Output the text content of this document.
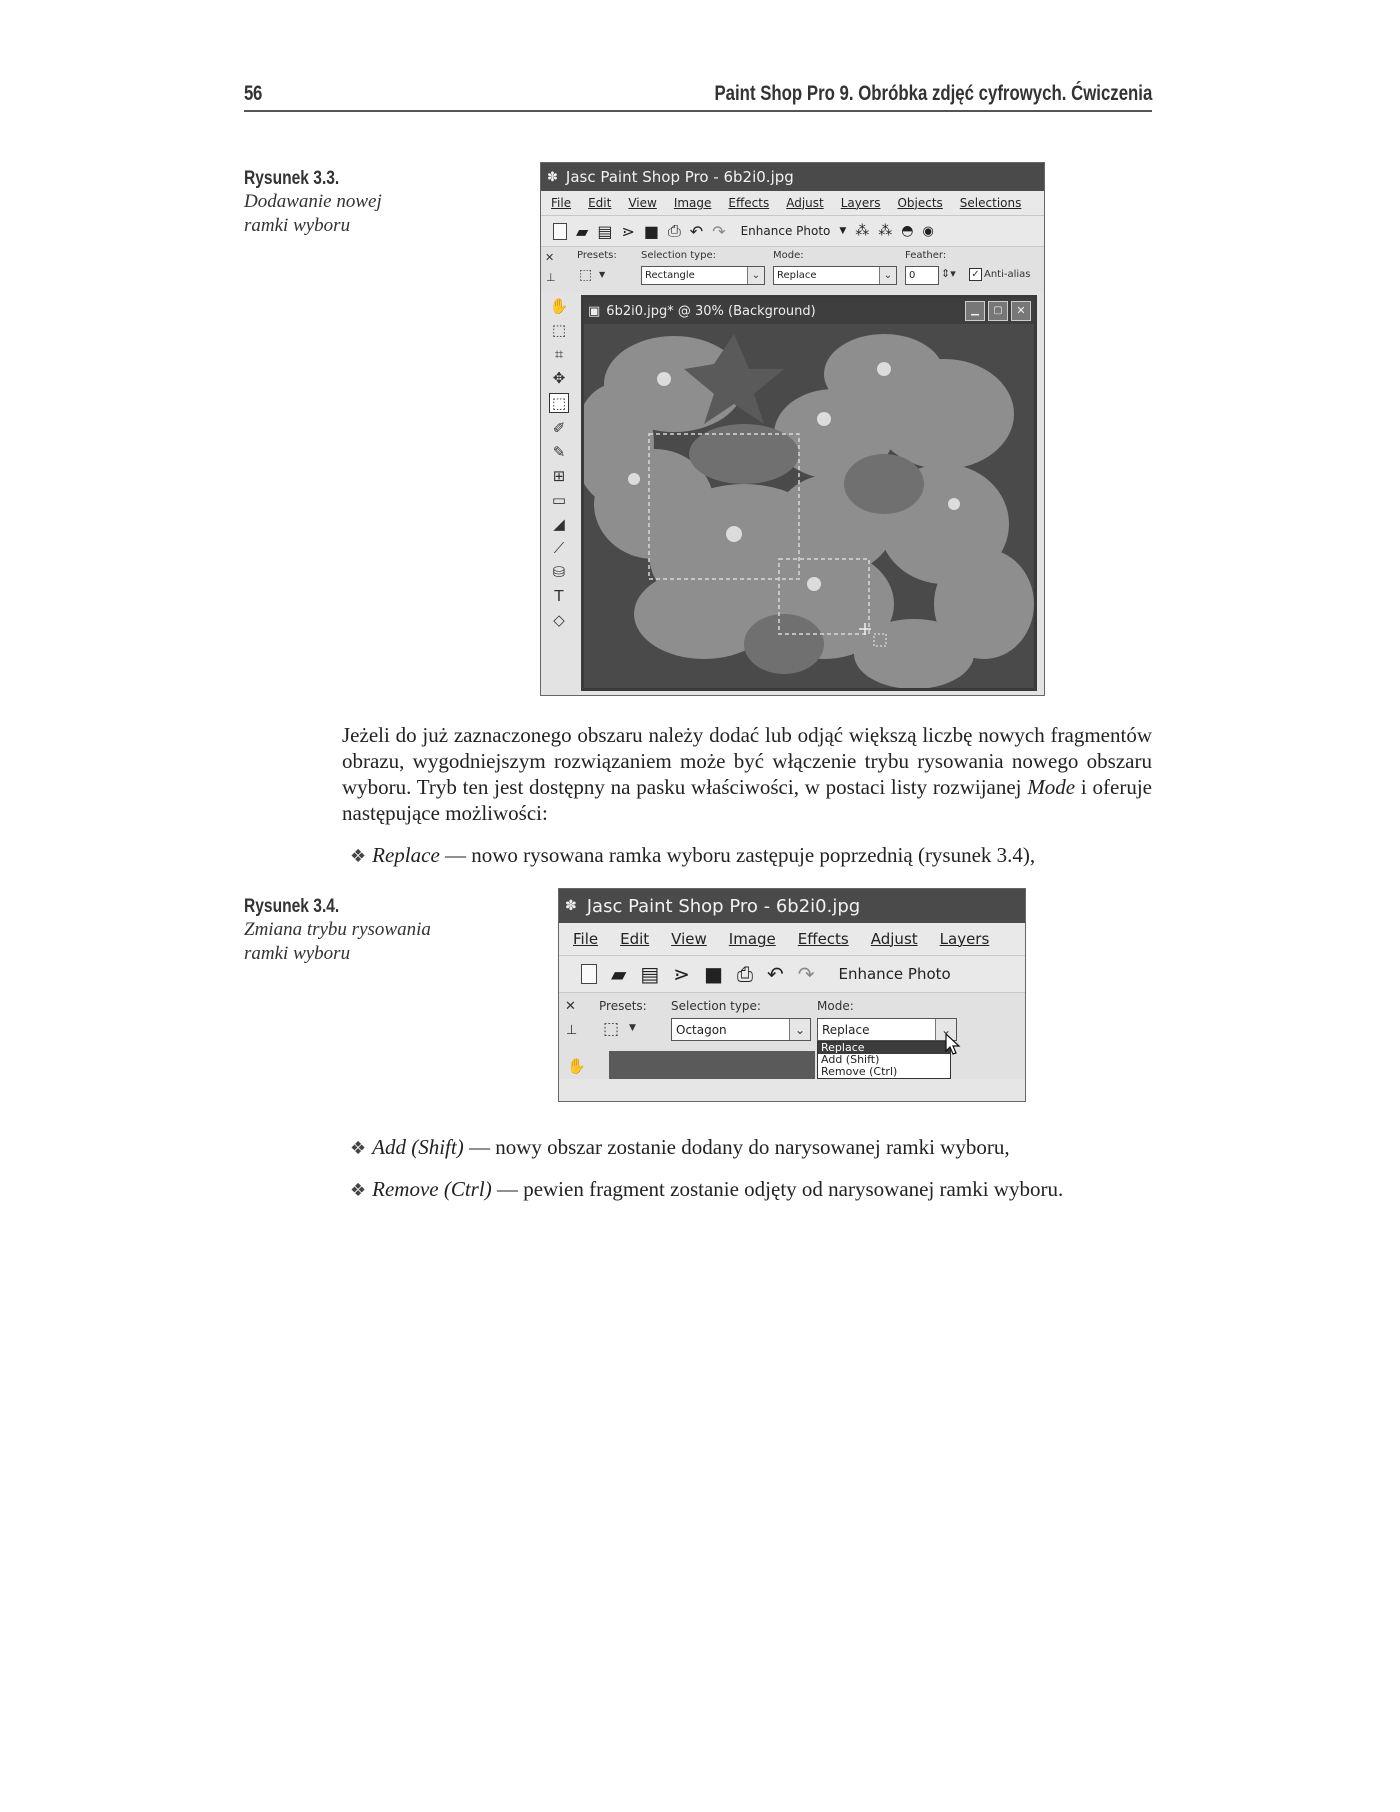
56	Paint Shop Pro 9. Obróbka zdjęć cyfrowych. Ćwiczenia
Rysunek 3.3.
Dodawanie nowej
ramki wyboru
✽ Jasc Paint Shop Pro - 6b2i0.jpg
File Edit View Image Effects Adjust Layers Objects Selections
▰ ▤ ⋗ ■ ⎙ ↶ ↷ Enhance Photo ▼ ⁂ ⁂ ◓ ◉
✕
⊥
Presets:
⬚ ▼
Selection type:
Rectangle	⌄
Mode:
Replace	⌄
Feather:
0 ⇕▾ ✓ Anti-alias
✋
⬚
⌗
✥
⬚
✐
✎
⊞
▭
◢
⟋
⛁
T
◇
▣ 6b2i0.jpg* @ 30% (Background)	▁	▢	✕
Jeżeli do już zaznaczonego obszaru należy dodać lub odjąć większą liczbę nowych fragmentów obrazu, wygodniejszym rozwiązaniem może być włączenie trybu rysowania nowego obszaru wyboru. Tryb ten jest dostępny na pasku właściwości, w postaci listy rozwijanej Mode i oferuje następujące możliwości:
❖ Replace — nowo rysowana ramka wyboru zastępuje poprzednią (rysunek 3.4),
Rysunek 3.4.
Zmiana trybu rysowania
ramki wyboru
✽ Jasc Paint Shop Pro - 6b2i0.jpg
File Edit View Image Effects Adjust Layers
▰ ▤ ⋗ ■ ⎙ ↶ ↷ Enhance Photo
✕
⊥
Presets:
⬚ ▼
Selection type:
Octagon	⌄
Mode:
Replace	⌄
Replace
Add (Shift)
Remove (Ctrl)
✋
❖ Add (Shift) — nowy obszar zostanie dodany do narysowanej ramki wyboru,
❖ Remove (Ctrl) — pewien fragment zostanie odjęty od narysowanej ramki wyboru.
